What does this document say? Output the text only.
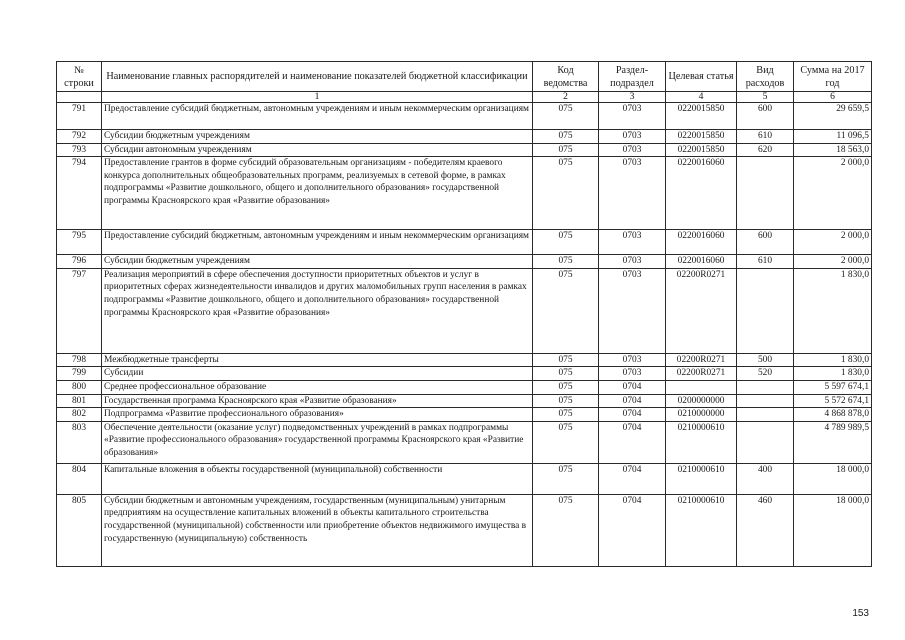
№ строки	Наименование главных распорядителей и наименование показателей бюджетной классификации	Код ведомства	Раздел-подраздел	Целевая статья	Вид расходов	Сумма на 2017 год
	1	2	3	4	5	6
791	Предоставление субсидий бюджетным, автономным учреждениям и иным некоммерческим организациям	075	0703	0220015850	600	29 659,5
792	Субсидии бюджетным учреждениям	075	0703	0220015850	610	11 096,5
793	Субсидии автономным учреждениям	075	0703	0220015850	620	18 563,0
794	Предоставление грантов в форме субсидий образовательным организациям - победителям краевого конкурса дополнительных общеобразовательных программ, реализуемых в сетевой форме, в рамках подпрограммы «Развитие дошкольного, общего и дополнительного образования» государственной программы Красноярского края «Развитие образования»	075	0703	0220016060		2 000,0
795	Предоставление субсидий бюджетным, автономным учреждениям и иным некоммерческим организациям	075	0703	0220016060	600	2 000,0
796	Субсидии бюджетным учреждениям	075	0703	0220016060	610	2 000,0
797	Реализация мероприятий в сфере обеспечения доступности приоритетных объектов и услуг в приоритетных сферах жизнедеятельности инвалидов и других маломобильных групп населения в рамках подпрограммы «Развитие дошкольного, общего и дополнительного образования» государственной программы Красноярского края «Развитие образования»	075	0703	02200R0271		1 830,0
798	Межбюджетные трансферты	075	0703	02200R0271	500	1 830,0
799	Субсидии	075	0703	02200R0271	520	1 830,0
800	Среднее профессиональное образование	075	0704			5 597 674,1
801	Государственная программа Красноярского края «Развитие образования»	075	0704	0200000000		5 572 674,1
802	Подпрограмма «Развитие профессионального образования»	075	0704	0210000000		4 868 878,0
803	Обеспечение деятельности (оказание услуг) подведомственных учреждений в рамках подпрограммы «Развитие профессионального образования» государственной программы Красноярского края «Развитие образования»	075	0704	0210000610		4 789 989,5
804	Капитальные вложения в объекты государственной (муниципальной) собственности	075	0704	0210000610	400	18 000,0
805	Субсидии бюджетным и автономным учреждениям, государственным (муниципальным) унитарным предприятиям на осуществление капитальных вложений в объекты капитального строительства государственной (муниципальной) собственности или приобретение объектов недвижимого имущества в государственную (муниципальную) собственность	075	0704	0210000610	460	18 000,0
153
